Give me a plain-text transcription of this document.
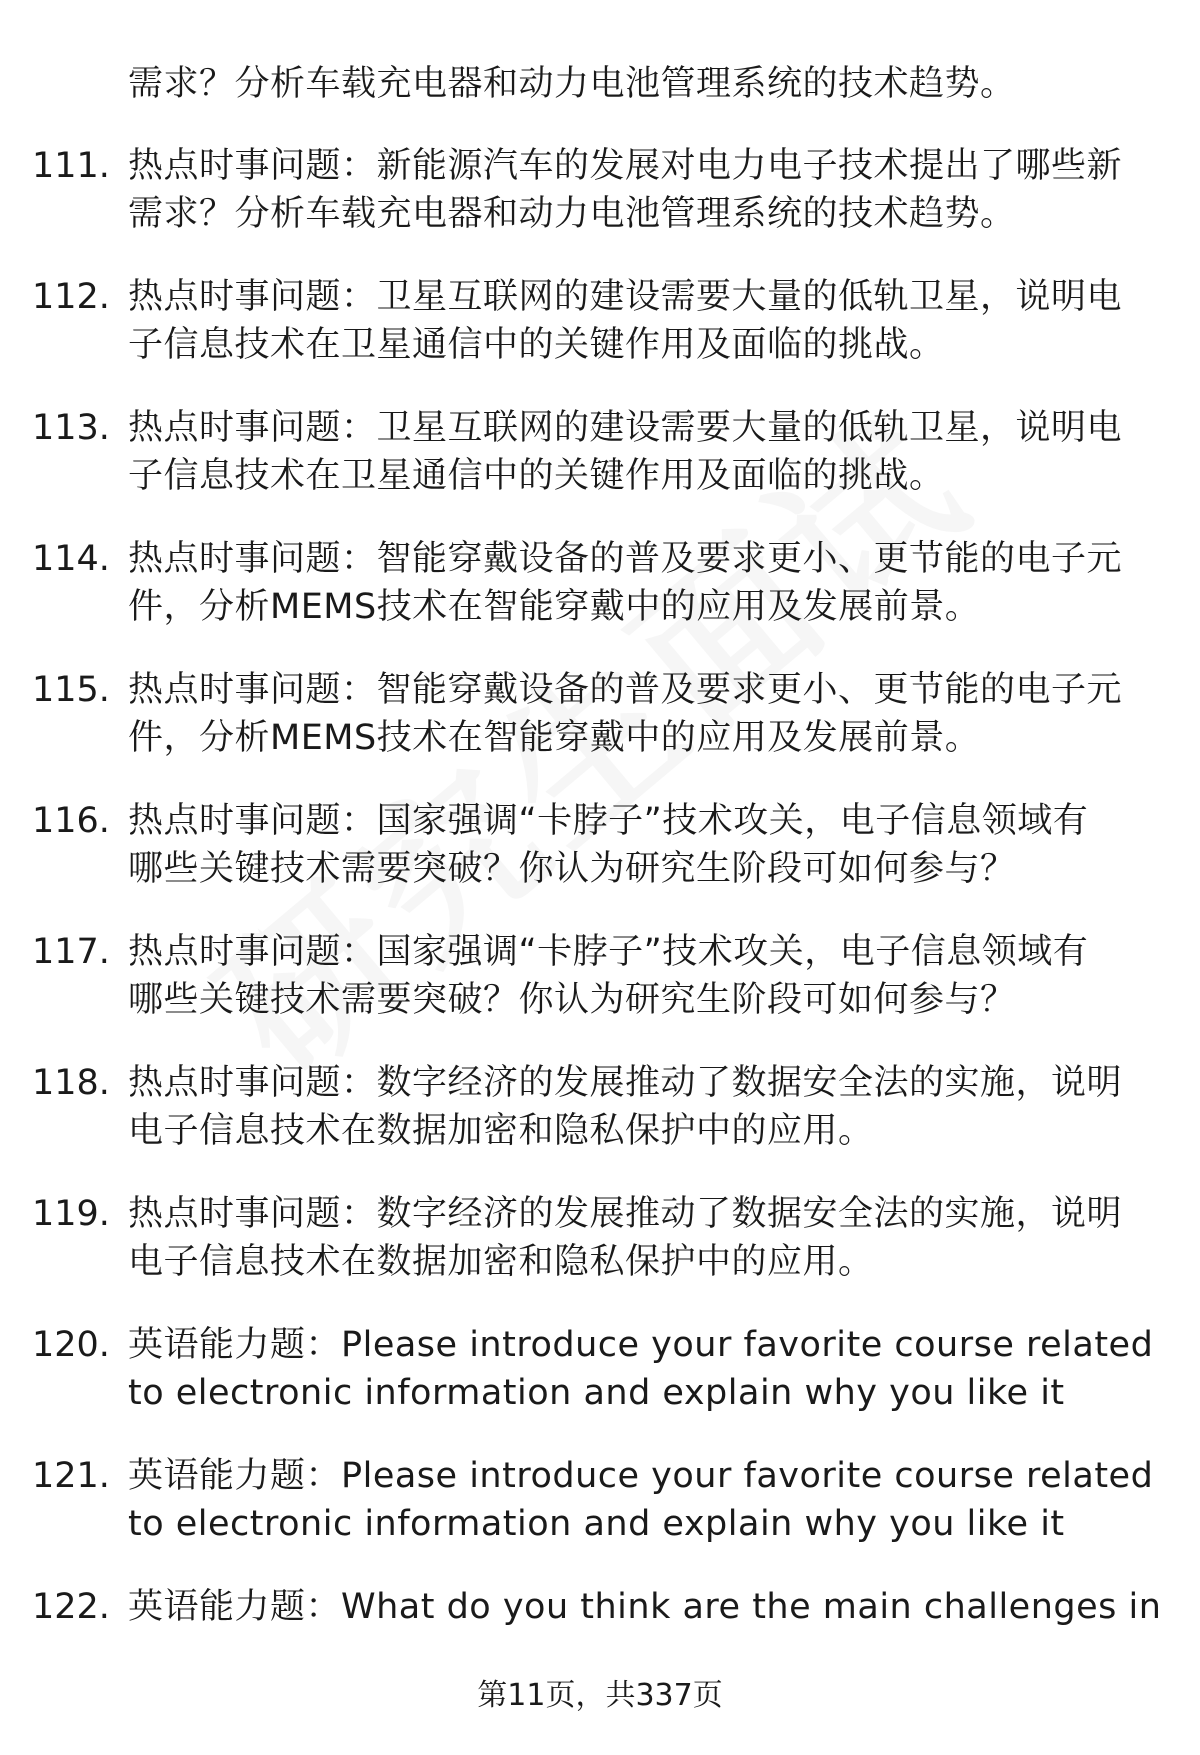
需求？分析车载充电器和动力电池管理系统的技术趋势。
111. 热点时事问题：新能源汽车的发展对电力电子技术提出了哪些新
需求？分析车载充电器和动力电池管理系统的技术趋势。
112. 热点时事问题：卫星互联网的建设需要大量的低轨卫星，说明电
子信息技术在卫星通信中的关键作用及面临的挑战。
113. 热点时事问题：卫星互联网的建设需要大量的低轨卫星，说明电
子信息技术在卫星通信中的关键作用及面临的挑战。
114. 热点时事问题：智能穿戴设备的普及要求更小、更节能的电子元
件，分析MEMS技术在智能穿戴中的应用及发展前景。
115. 热点时事问题：智能穿戴设备的普及要求更小、更节能的电子元
件，分析MEMS技术在智能穿戴中的应用及发展前景。
116. 热点时事问题：国家强调“卡脖子”技术攻关，电子信息领域有
哪些关键技术需要突破？你认为研究生阶段可如何参与？
117. 热点时事问题：国家强调“卡脖子”技术攻关，电子信息领域有
哪些关键技术需要突破？你认为研究生阶段可如何参与？
118. 热点时事问题：数字经济的发展推动了数据安全法的实施，说明
电子信息技术在数据加密和隐私保护中的应用。
119. 热点时事问题：数字经济的发展推动了数据安全法的实施，说明
电子信息技术在数据加密和隐私保护中的应用。
120. 英语能力题：Please introduce your favorite course related
to electronic information and explain why you like it
121. 英语能力题：Please introduce your favorite course related
to electronic information and explain why you like it
122. 英语能力题：What do you think are the main challenges in
第11页，共337页
